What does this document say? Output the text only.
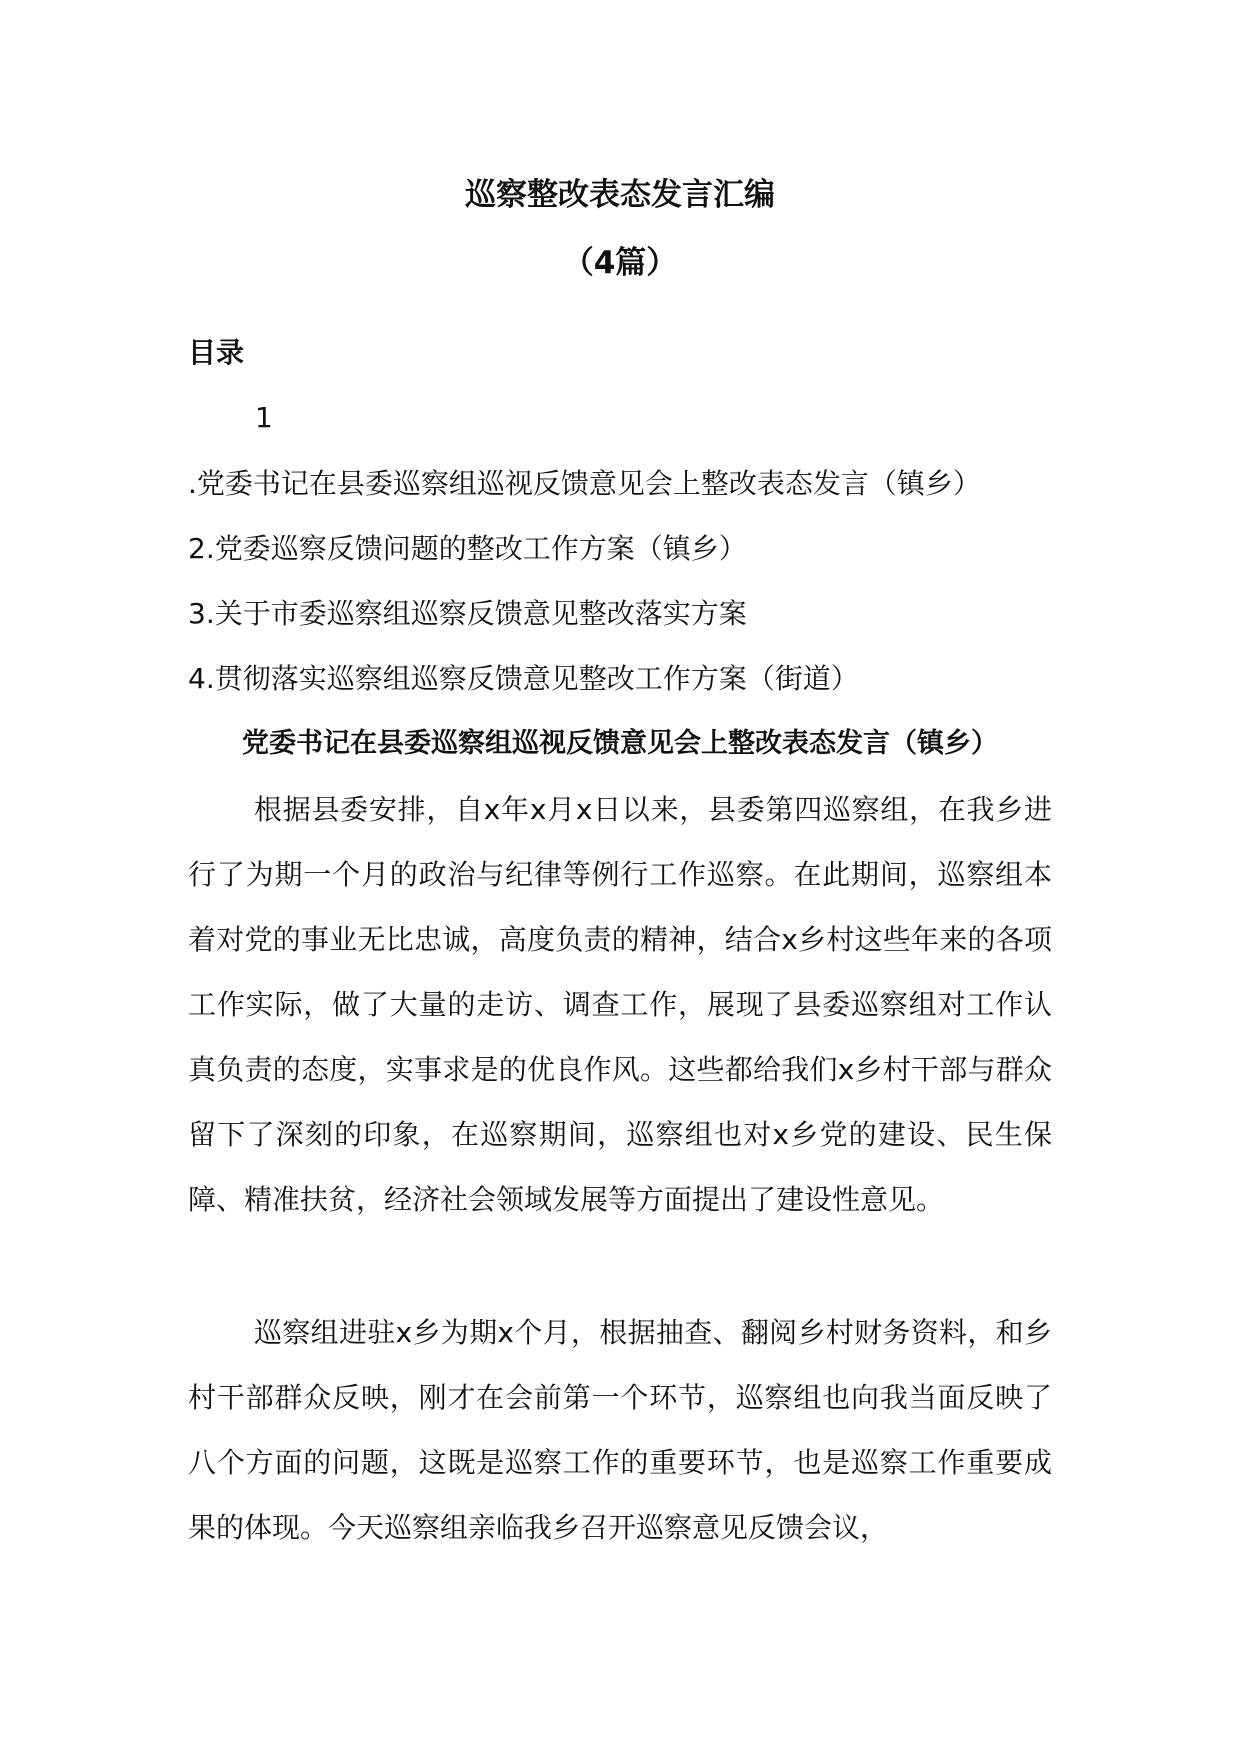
巡察整改表态发言汇编
（4篇）
目录
1
.党委书记在县委巡察组巡视反馈意见会上整改表态发言（镇乡）
2.党委巡察反馈问题的整改工作方案（镇乡）
3.关于市委巡察组巡察反馈意见整改落实方案
4.贯彻落实巡察组巡察反馈意见整改工作方案（街道）
党委书记在县委巡察组巡视反馈意见会上整改表态发言（镇乡）

根据县委安排，自x年x月x日以来，县委第四巡察组，在我乡进行了为期一个月的政治与纪律等例行工作巡察。在此期间，巡察组本着对党的事业无比忠诚，高度负责的精神，结合x乡村这些年来的各项工作实际，做了大量的走访、调查工作，展现了县委巡察组对工作认真负责的态度，实事求是的优良作风。这些都给我们x乡村干部与群众留下了深刻的印象，在巡察期间，巡察组也对x乡党的建设、民生保障、精准扶贫，经济社会领域发展等方面提出了建设性意见。

巡察组进驻x乡为期x个月，根据抽查、翻阅乡村财务资料，和乡村干部群众反映，刚才在会前第一个环节，巡察组也向我当面反映了八个方面的问题，这既是巡察工作的重要环节，也是巡察工作重要成果的体现。今天巡察组亲临我乡召开巡察意见反馈会议，
